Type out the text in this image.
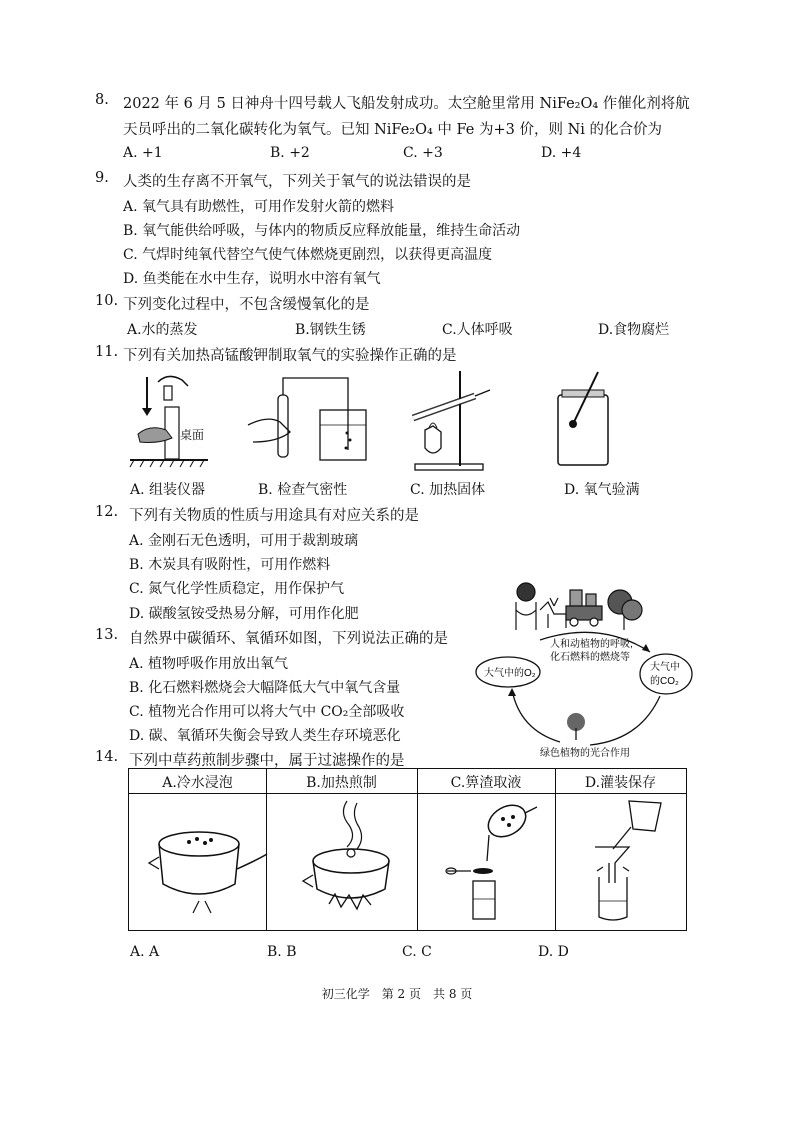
8. 2022 年 6 月 5 日神舟十四号载人飞船发射成功。太空舱里常用 NiFe₂O₄ 作催化剂将航
天员呼出的二氧化碳转化为氧气。已知 NiFe₂O₄ 中 Fe 为+3 价，则 Ni 的化合价为
A. +1	B. +2	C. +3	D. +4
9. 人类的生存离不开氧气，下列关于氧气的说法错误的是
A. 氧气具有助燃性，可用作发射火箭的燃料
B. 氧气能供给呼吸，与体内的物质反应释放能量，维持生命活动
C. 气焊时纯氧代替空气使气体燃烧更剧烈，以获得更高温度
D. 鱼类能在水中生存，说明水中溶有氧气
10. 下列变化过程中，不包含缓慢氧化的是
A.水的蒸发	B.钢铁生锈	C.人体呼吸	D.食物腐烂
11. 下列有关加热高锰酸钾制取氧气的实验操作正确的是
桌面
A. 组装仪器	B. 检查气密性	C. 加热固体	D. 氧气验满
12. 下列有关物质的性质与用途具有对应关系的是
A. 金刚石无色透明，可用于裁割玻璃
B. 木炭具有吸附性，可用作燃料
C. 氮气化学性质稳定，用作保护气
D. 碳酸氢铵受热易分解，可用作化肥
13. 自然界中碳循环、氧循环如图，下列说法正确的是
A. 植物呼吸作用放出氧气
B. 化石燃料燃烧会大幅降低大气中氧气含量
C. 植物光合作用可以将大气中 CO₂全部吸收
D. 碳、氧循环失衡会导致人类生存环境恶化
人和动植物的呼吸,
化石燃料的燃烧等
大气中的O₂
大气中
的CO₂
绿色植物的光合作用
14. 下列中草药煎制步骤中，属于过滤操作的是
A.冷水浸泡	B.加热煎制	C.箅渣取液	D.灌装保存
A. A	B. B	C. C	D. D
初三化学　第 2 页　共 8 页
